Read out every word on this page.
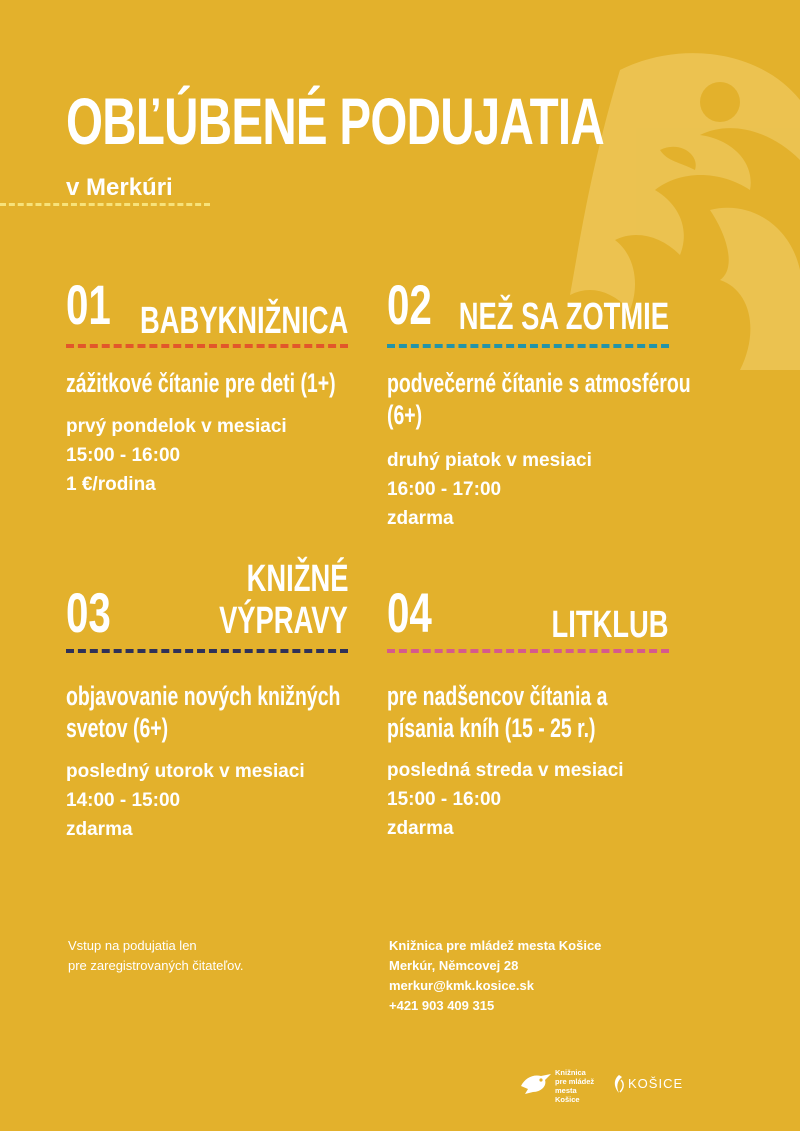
OBĽÚBENÉ PODUJATIA
v Merkúri
01 BABYKNIŽNICA
zážitkové čítanie pre deti (1+)
prvý pondelok v mesiaci
15:00 - 16:00
1 €/rodina
02 NEŽ SA ZOTMIE
podvečerné čítanie s atmosférou (6+)
druhý piatok v mesiaci
16:00 - 17:00
zdarma
03
KNIŽNÉ
VÝPRAVY
objavovanie nových knižných svetov (6+)
posledný utorok v mesiaci
14:00 - 15:00
zdarma
04	LITKLUB
pre nadšencov čítania a písania kníh (15 - 25 r.)
posledná streda v mesiaci
15:00 - 16:00
zdarma
Vstup na podujatia len
pre zaregistrovaných čitateľov.
Knižnica pre mládež mesta Košice
Merkúr, Němcovej 28
merkur@kmk.kosice.sk
+421 903 409 315
Knižnica
pre mládež
mesta Košice
KOŠICE
